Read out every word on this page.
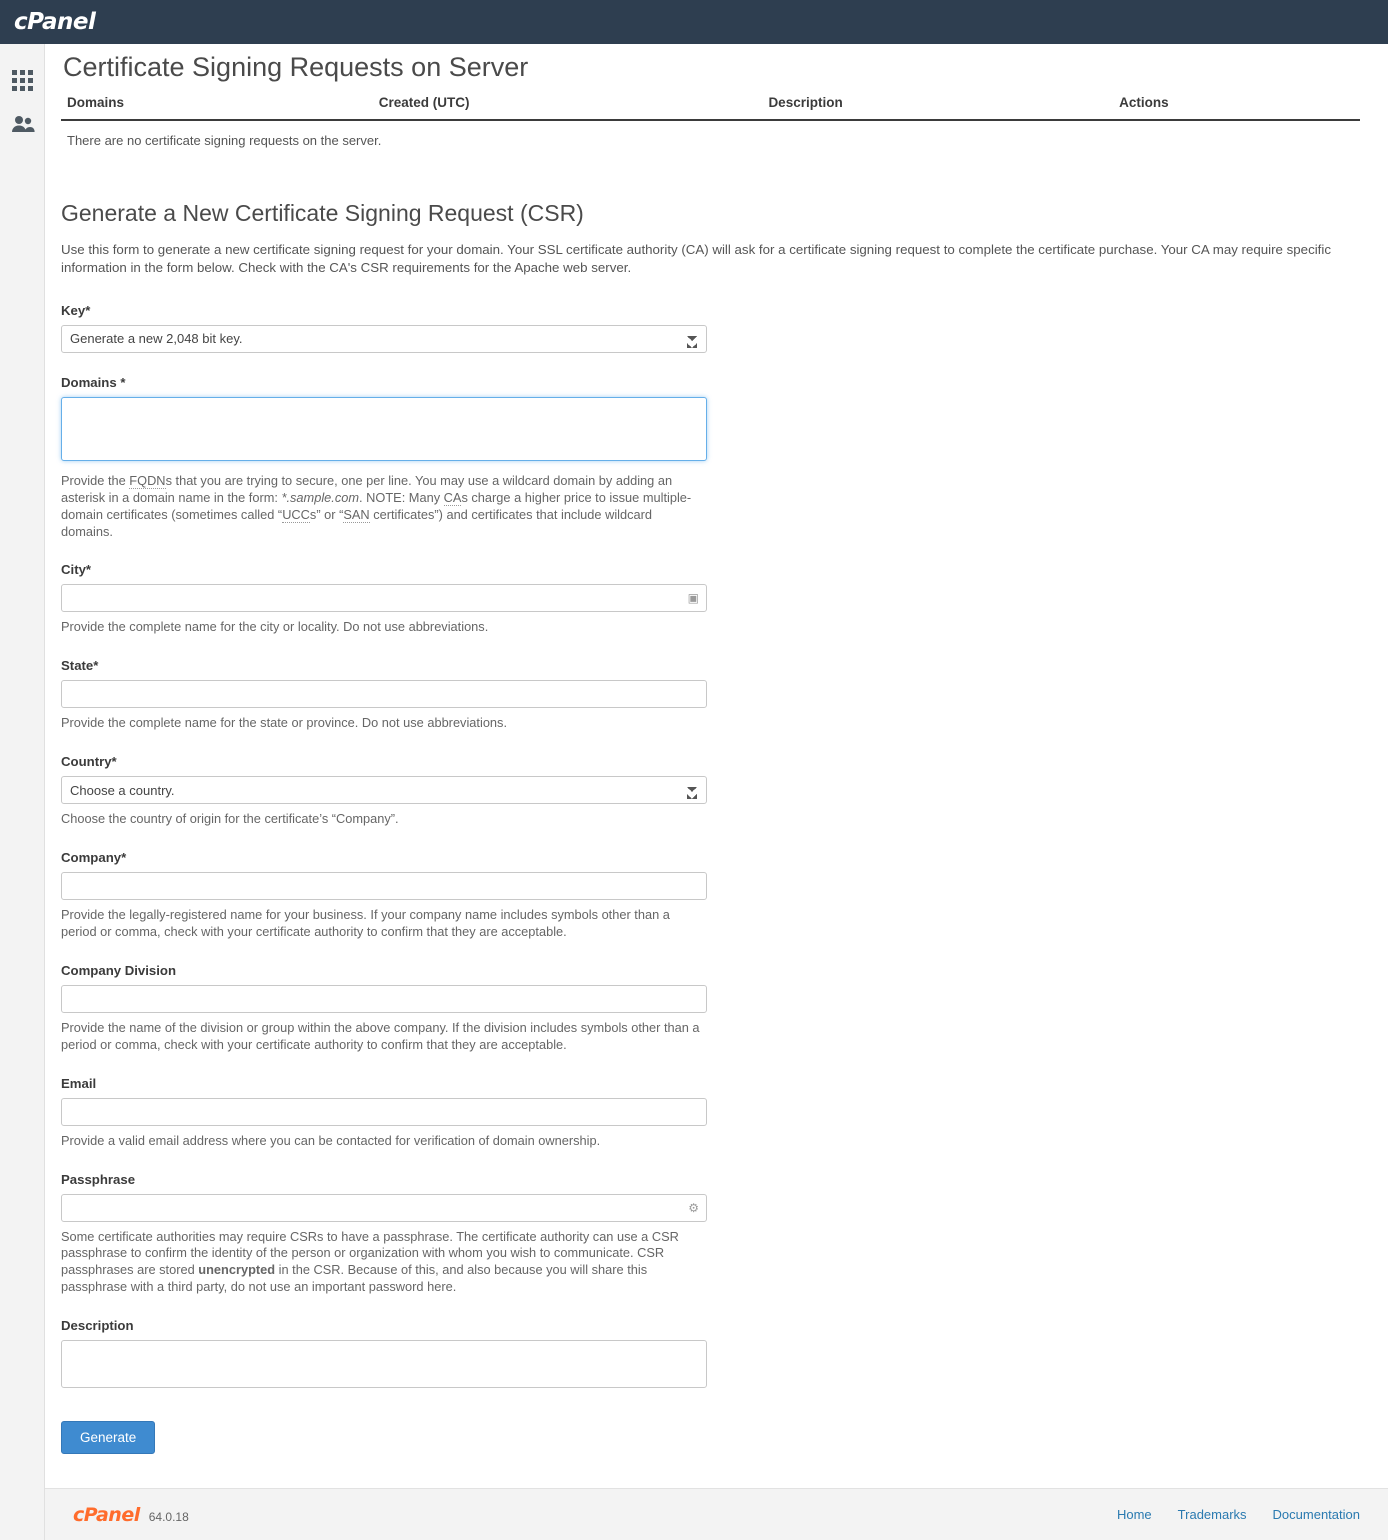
cPanel
Certificate Signing Requests on Server
Domains	Created (UTC)	Description	Actions
There are no certificate signing requests on the server.
Generate a New Certificate Signing Request (CSR)

Use this form to generate a new certificate signing request for your domain. Your SSL certificate authority (CA) will ask for a certificate signing request to complete the certificate purchase. Your CA may require specific information in the form below. Check with the CA's CSR requirements for the Apache web server.

Key*
Generate a new 2,048 bit key.
Domains *

Provide the FQDNs that you are trying to secure, one per line. You may use a wildcard domain by adding an asterisk in a domain name in the form: *.sample.com. NOTE: Many CAs charge a higher price to issue multiple-domain certificates (sometimes called “UCCs” or “SAN certificates”) and certificates that include wildcard domains.

City*
▣

Provide the complete name for the city or locality. Do not use abbreviations.

State*

Provide the complete name for the state or province. Do not use abbreviations.

Country*
Choose a country.

Choose the country of origin for the certificate’s “Company”.

Company*

Provide the legally-registered name for your business. If your company name includes symbols other than a period or comma, check with your certificate authority to confirm that they are acceptable.

Company Division

Provide the name of the division or group within the above company. If the division includes symbols other than a period or comma, check with your certificate authority to confirm that they are acceptable.

Email

Provide a valid email address where you can be contacted for verification of domain ownership.

Passphrase
⚙

Some certificate authorities may require CSRs to have a passphrase. The certificate authority can use a CSR passphrase to confirm the identity of the person or organization with whom you wish to communicate. CSR passphrases are stored unencrypted in the CSR. Because of this, and also because you will share this passphrase with a third party, do not use an important password here.

Description
Generate
cPanel 64.0.18	Home Trademarks Documentation
